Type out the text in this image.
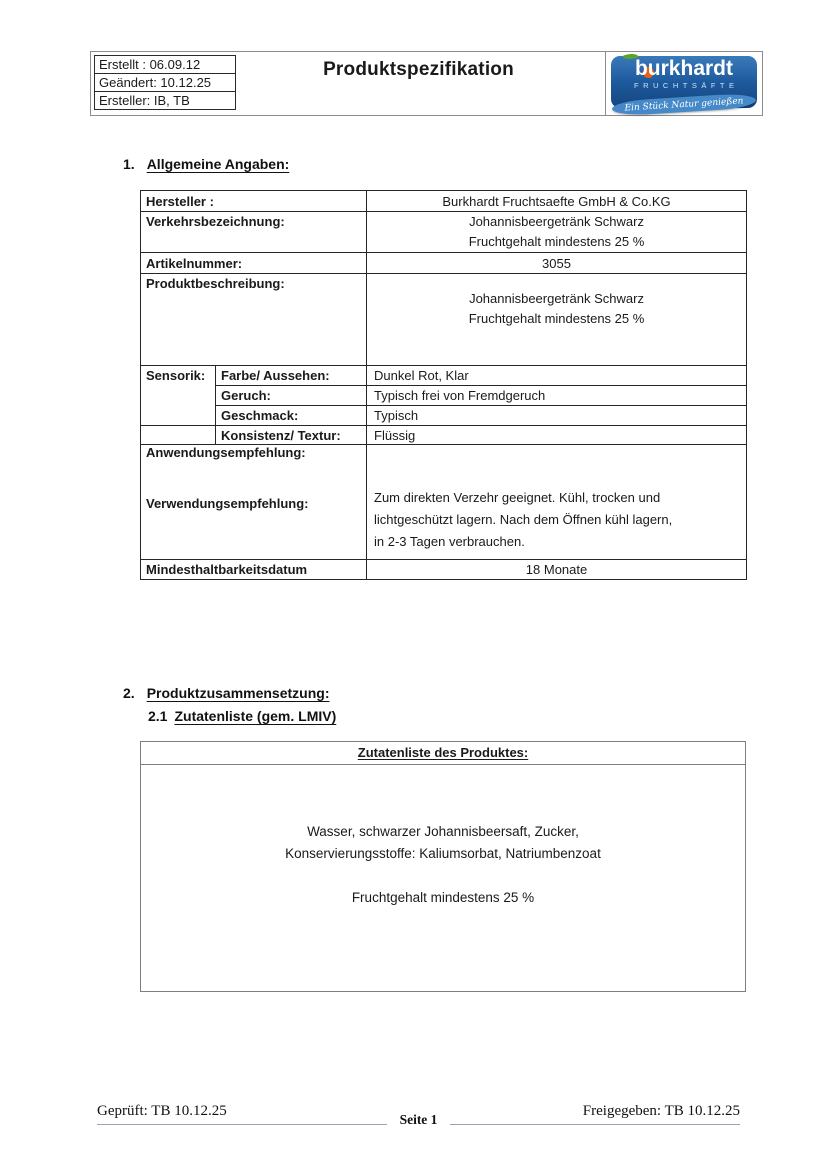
Erstellt : 06.09.12
Geändert: 10.12.25
Ersteller: IB, TB
Produktspezifikation	burkhardt
FRUCHTSÄFTE
Ein Stück Natur genießen
1. Allgemeine Angaben:
Hersteller :		Burkhardt Fruchtsaefte GmbH & Co.KG
Verkehrsbezeichnung:		Johannisbeergetränk Schwarz
Fruchtgehalt mindestens 25 %

Artikelnummer:		3055
Produktbeschreibung:		Johannisbeergetränk Schwarz
Fruchtgehalt mindestens 25 %

Sensorik:	Farbe/ Aussehen:	Dunkel Rot, Klar
	Geruch:	Typisch frei von Fremdgeruch
	Geschmack:	Typisch
	Konsistenz/ Textur:	Flüssig

Anwendungsempfehlung:
Verwendungsempfehlung:	Zum direkten Verzehr geeignet. Kühl, trocken und
lichtgeschützt lagern. Nach dem Öffnen kühl lagern,
in 2-3 Tagen verbrauchen.

Mindesthaltbarkeitsdatum		18 Monate
2. Produktzusammensetzung:
2.1 Zutatenliste (gem. LMIV)
Zutatenliste des Produktes:
Wasser, schwarzer Johannisbeersaft, Zucker,
Konservierungsstoffe: Kaliumsorbat, Natriumbenzoat
Fruchtgehalt mindestens 25 %
Geprüft: TB 10.12.25
Seite 1
Freigegeben: TB 10.12.25
